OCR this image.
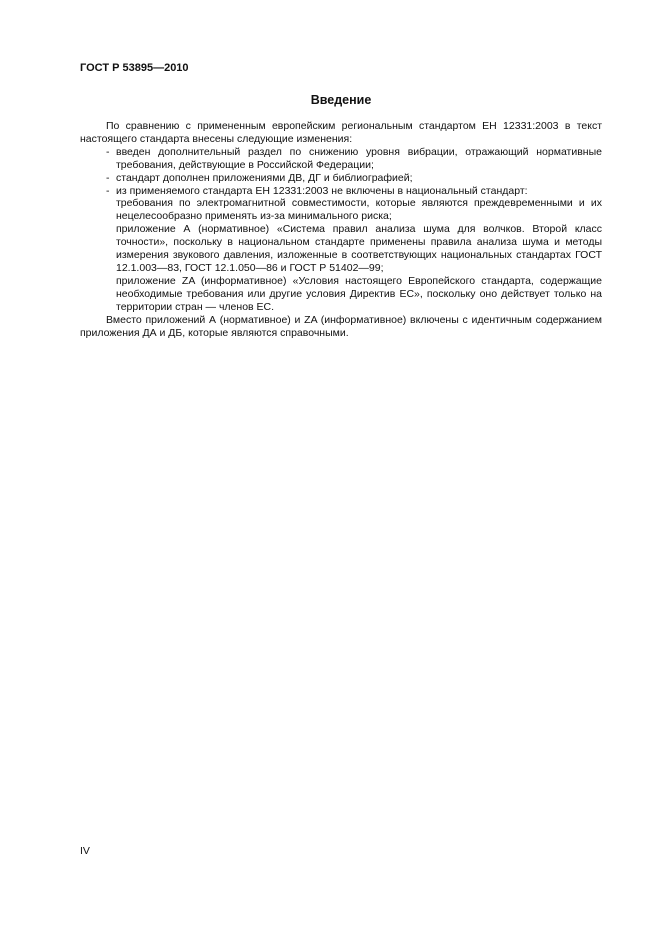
ГОСТ Р 53895—2010
Введение

По сравнению с примененным европейским региональным стандартом ЕН 12331:2003 в текст настоящего стандарта внесены следующие изменения:

- введен дополнительный раздел по снижению уровня вибрации, отражающий нормативные требования, действующие в Российской Федерации;
- стандарт дополнен приложениями ДВ, ДГ и библиографией;
- из применяемого стандарта ЕН 12331:2003 не включены в национальный стандарт:

требования по электромагнитной совместимости, которые являются преждевременными и их нецелесообразно применять из-за минимального риска;

приложение А (нормативное) «Система правил анализа шума для волчков. Второй класс точности», поскольку в национальном стандарте применены правила анализа шума и методы измерения звукового давления, изложенные в соответствующих национальных стандартах ГОСТ 12.1.003—83, ГОСТ 12.1.050—86 и ГОСТ Р 51402—99;

приложение ZA (информативное) «Условия настоящего Европейского стандарта, содержащие необходимые требования или другие условия Директив ЕС», поскольку оно действует только на территории стран — членов ЕС.

Вместо приложений А (нормативное) и ZA (информативное) включены с идентичным содержанием приложения ДА и ДБ, которые являются справочными.

IV
